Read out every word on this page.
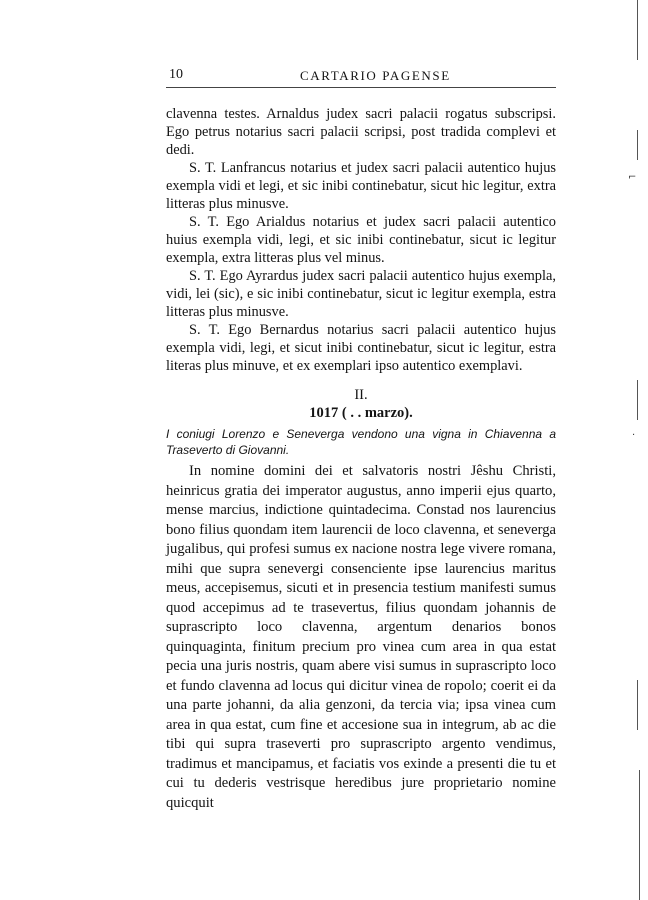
10	CARTARIO PAGENSE

clavenna testes. Arnaldus judex sacri palacii rogatus subscripsi. Ego petrus notarius sacri palacii scripsi, post tradida complevi et dedi.

S. T. Lanfrancus notarius et judex sacri palacii autentico hujus exempla vidi et legi, et sic inibi continebatur, sicut hic legitur, extra litteras plus minusve.

S. T. Ego Arialdus notarius et judex sacri palacii autentico huius exempla vidi, legi, et sic inibi continebatur, sicut ic legitur exempla, extra litteras plus vel minus.

S. T. Ego Ayrardus judex sacri palacii autentico hujus exempla, vidi, lei (sic), e sic inibi continebatur, sicut ic legitur exempla, estra litteras plus minusve.

S. T. Ego Bernardus notarius sacri palacii autentico hujus exempla vidi, legi, et sicut inibi continebatur, sicut ic legitur, estra literas plus minuve, et ex exemplari ipso autentico exemplavi.

II.
1017 ( . . marzo).
I coniugi Lorenzo e Seneverga vendono una vigna in Chiavenna a Traseverto di Giovanni.

In nomine domini dei et salvatoris nostri Jêshu Christi, heinricus gratia dei imperator augustus, anno imperii ejus quarto, mense marcius, indictione quintadecima. Constad nos laurencius bono filius quondam item laurencii de loco clavenna, et seneverga jugalibus, qui profesi sumus ex nacione nostra lege vivere romana, mihi que supra senevergi consenciente ipse laurencius maritus meus, accepisemus, sicuti et in presencia testium manifesti sumus quod accepimus ad te trasevertus, filius quondam johannis de suprascripto loco clavenna, argentum denarios bonos quinquaginta, finitum precium pro vinea cum area in qua estat pecia una juris nostris, quam abere visi sumus in suprascripto loco et fundo clavenna ad locus qui dicitur vinea de ropolo; coerit ei da una parte johanni, da alia genzoni, da tercia via; ipsa vinea cum area in qua estat, cum fine et accesione sua in integrum, ab ac die tibi qui supra traseverti pro suprascripto argento vendimus, tradimus et mancipamus, et faciatis vos exinde a presenti die tu et cui tu dederis vestrisque heredibus jure proprietario nomine quicquit

⌐
·
